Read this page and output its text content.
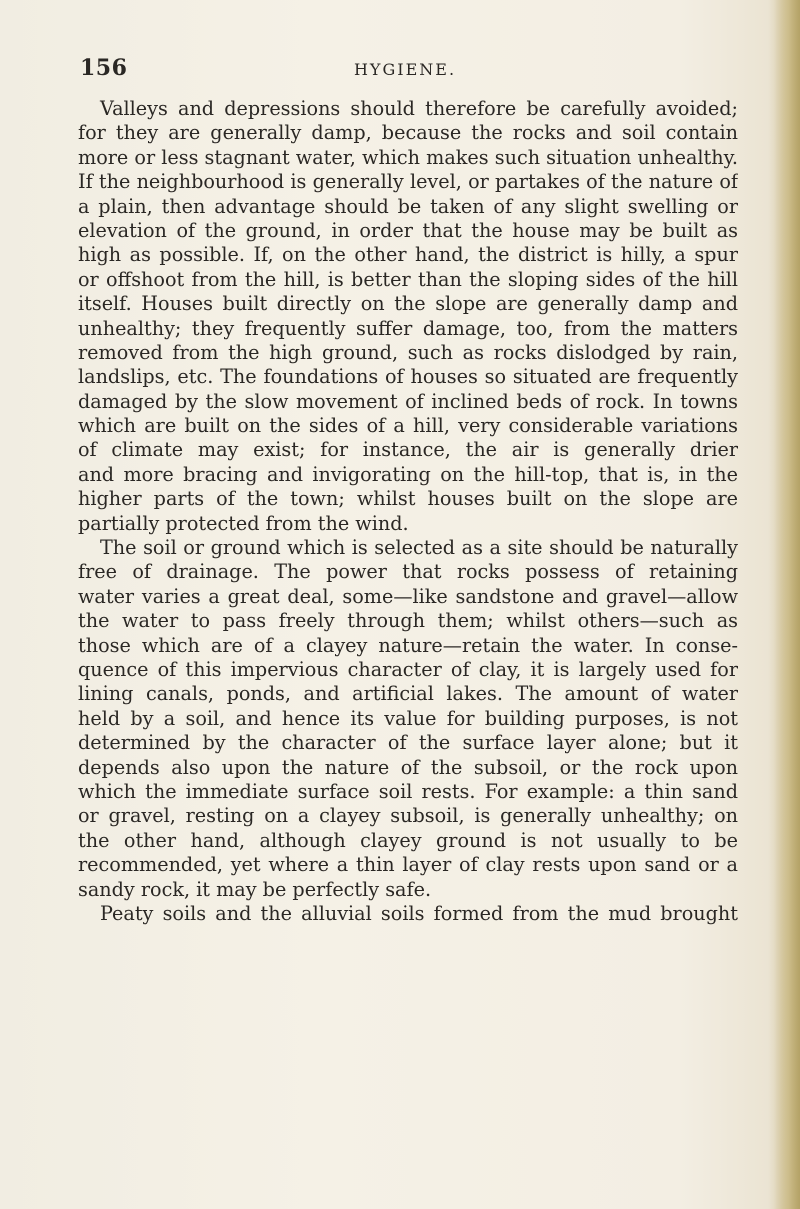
156	HYGIENE.

Valleys and depressions should therefore be carefully avoided;
for they are generally damp, because the rocks and soil contain
more or less stagnant water, which makes such situation unhealthy.
If the neighbourhood is generally level, or partakes of the nature of
a plain, then advantage should be taken of any slight swelling or
elevation of the ground, in order that the house may be built as
high as possible. If, on the other hand, the district is hilly, a spur
or offshoot from the hill, is better than the sloping sides of the hill
itself. Houses built directly on the slope are generally damp and
unhealthy; they frequently suffer damage, too, from the matters
removed from the high ground, such as rocks dislodged by rain,
landslips, etc. The foundations of houses so situated are frequently
damaged by the slow movement of inclined beds of rock. In towns
which are built on the sides of a hill, very considerable variations
of climate may exist; for instance, the air is generally drier
and more bracing and invigorating on the hill-top, that is, in the
higher parts of the town; whilst houses built on the slope are
partially protected from the wind.
The soil or ground which is selected as a site should be naturally
free of drainage. The power that rocks possess of retaining
water varies a great deal, some—like sandstone and gravel—allow
the water to pass freely through them; whilst others—such as
those which are of a clayey nature—retain the water. In conse-
quence of this impervious character of clay, it is largely used for
lining canals, ponds, and artificial lakes. The amount of water
held by a soil, and hence its value for building purposes, is not
determined by the character of the surface layer alone; but it
depends also upon the nature of the subsoil, or the rock upon
which the immediate surface soil rests. For example: a thin sand
or gravel, resting on a clayey subsoil, is generally unhealthy; on
the other hand, although clayey ground is not usually to be
recommended, yet where a thin layer of clay rests upon sand or a
sandy rock, it may be perfectly safe.
Peaty soils and the alluvial soils formed from the mud brought
